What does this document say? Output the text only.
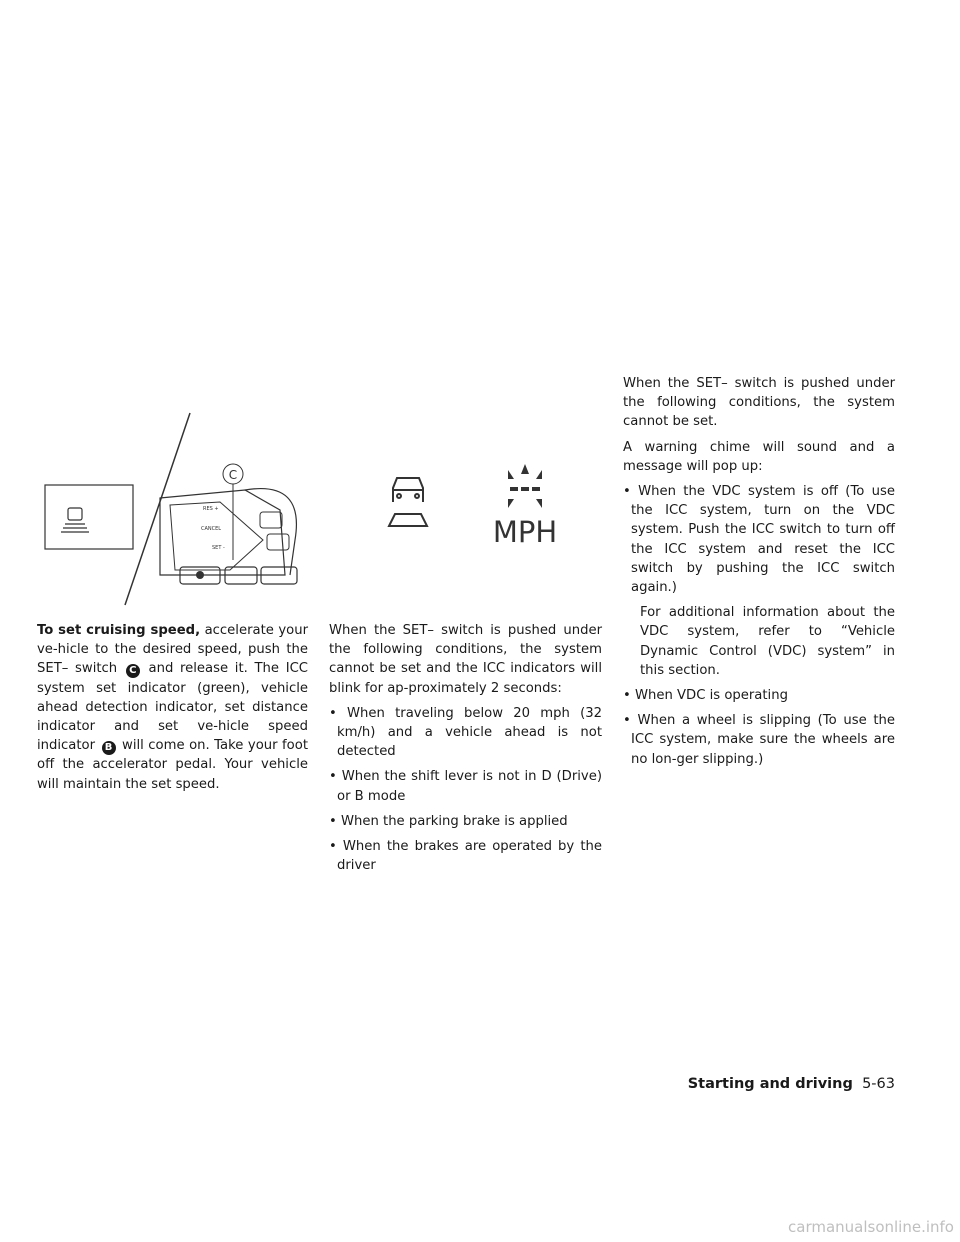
RES +
CANCEL
SET -
C
MPH

To set cruising speed, accelerate your ve-hicle to the desired speed, push the SET– switch C and release it. The ICC system set indicator (green), vehicle ahead detection indicator, set distance indicator and set ve-hicle speed indicator B will come on. Take your foot off the accelerator pedal. Your vehicle will maintain the set speed.

When the SET– switch is pushed under the following conditions, the system cannot be set and the ICC indicators will blink for ap-proximately 2 seconds:

• When traveling below 20 mph (32 km/h) and a vehicle ahead is not detected
• When the shift lever is not in D (Drive) or B mode
• When the parking brake is applied
• When the brakes are operated by the driver

When the SET– switch is pushed under the following conditions, the system cannot be set.

A warning chime will sound and a message will pop up:

• When the VDC system is off (To use the ICC system, turn on the VDC system. Push the ICC switch to turn off the ICC system and reset the ICC switch by pushing the ICC switch again.)
For additional information about the VDC system, refer to “Vehicle Dynamic Control (VDC) system” in this section.
• When VDC is operating
• When a wheel is slipping (To use the ICC system, make sure the wheels are no lon-ger slipping.)
Starting and driving 5-63
carmanualsonline.info
